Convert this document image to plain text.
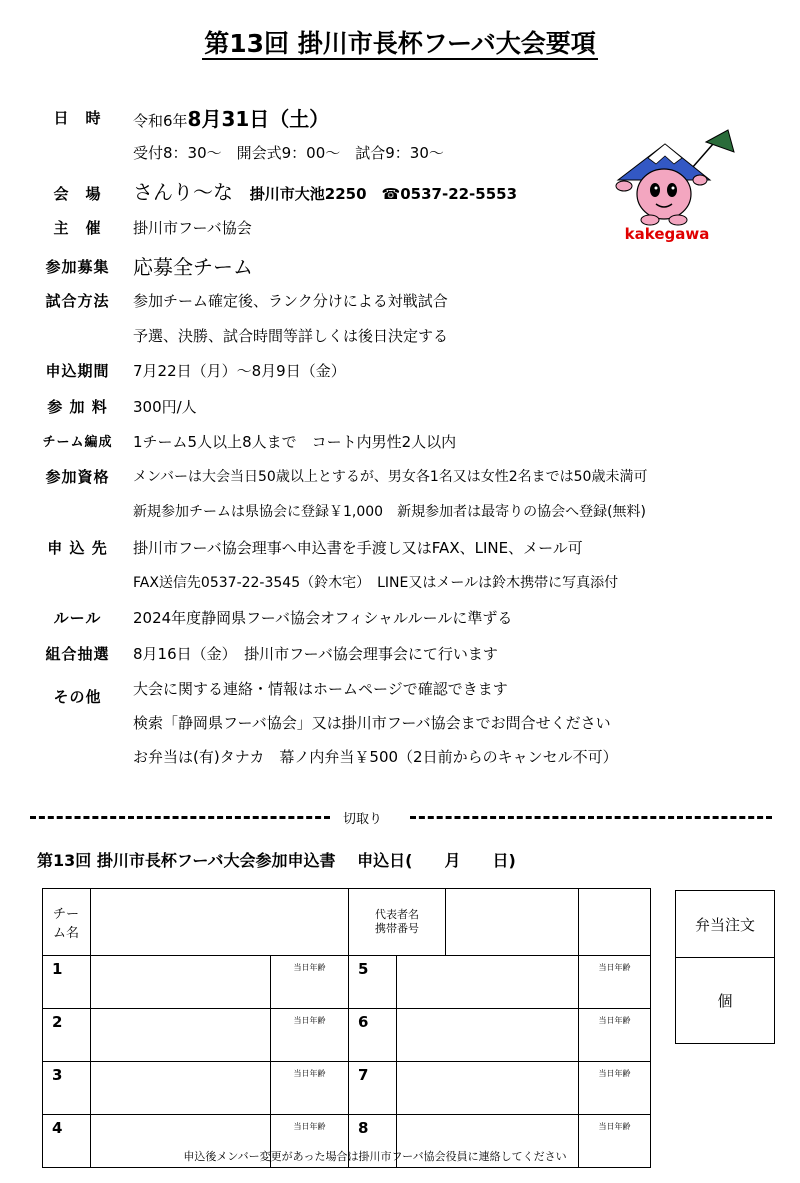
第13回 掛川市長杯フーバ大会要項
kakegawa
日　時	令和6年8月31日（土）
受付8：30～　開会式9：00～　試合9：30～
会　場	さんり～な 掛川市大池2250　☎0537-22-5553
主　催	掛川市フーバ協会
参加募集	応募全チーム
試合方法	参加チーム確定後、ランク分けによる対戦試合
予選、決勝、試合時間等詳しくは後日決定する
申込期間	7月22日（月）～8月9日（金）
参 加 料	300円/人
チーム編成	1チーム5人以上8人まで　コート内男性2人以内
参加資格	メンバーは大会当日50歳以上とするが、男女各1名又は女性2名までは50歳未満可
新規参加チームは県協会に登録￥1,000　新規参加者は最寄りの協会へ登録(無料)
申 込 先	掛川市フーバ協会理事へ申込書を手渡し又はFAX、LINE、メール可
FAX送信先0537-22-3545（鈴木宅）　LINE又はメールは鈴木携帯に写真添付
ルール	2024年度静岡県フーバ協会オフィシャルルールに準ずる
組合抽選	8月16日（金）　掛川市フーバ協会理事会にて行います
その他	大会に関する連絡・情報はホームページで確認できます
検索「静岡県フーバ協会」又は掛川市フーバ協会までお問合せください
お弁当は(有)タナカ　幕ノ内弁当￥500（2日前からのキャンセル不可）
切取り
第13回 掛川市長杯フーバ大会参加申込書　 申込日(　　月　　日)
チーム名			代表者名
携帯番号		

1		当日年齢	5		当日年齢
2		当日年齢	6		当日年齢
3		当日年齢	7		当日年齢
4		当日年齢	8		当日年齢
弁当注文
個
申込後メンバー変更があった場合は掛川市フーバ協会役員に連絡してください
